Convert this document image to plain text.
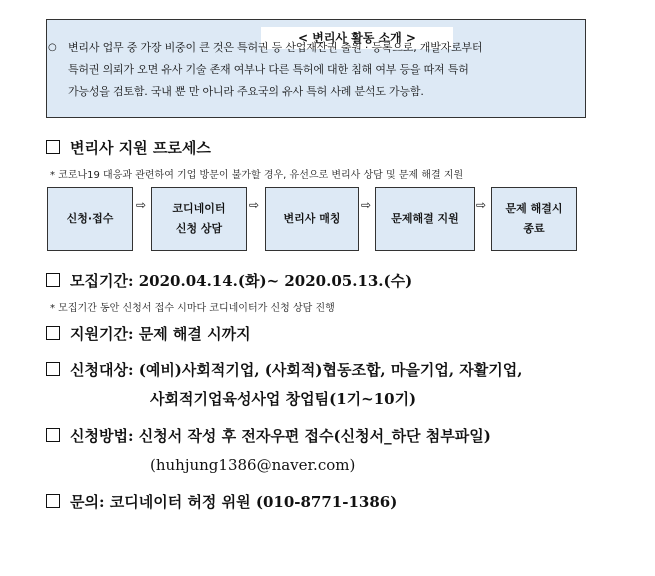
< 변리사 활동 소개 >
○	변리사 업무 중 가장 비중이 큰 것은 특허권 등 산업재산권 출원 · 등록으로, 개발자로부터
특허권 의뢰가 오면 유사 기술 존재 여부나 다른 특허에 대한 침해 여부 등을 따져 특허
가능성을 검토함. 국내 뿐 만 아니라 주요국의 유사 특허 사례 분석도 가능함.
변리사 지원 프로세스
* 코로나19 대응과 관련하여 기업 방문이 불가할 경우, 유선으로 변리사 상담 및 문제 해결 지원
신청·접수
⇨ 코디네이터
신청 상담
⇨
변리사 매칭
⇨
문제해결 지원
⇨ 문제 해결시
종료
모집기간: 2020.04.14.(화)~ 2020.05.13.(수)
* 모집기간 동안 신청서 접수 시마다 코디네이터가 신청 상담 진행
지원기간: 문제 해결 시까지
신청대상: (예비)사회적기업, (사회적)협동조합, 마을기업, 자활기업,
사회적기업육성사업 창업팀(1기~10기)
신청방법: 신청서 작성 후 전자우편 접수(신청서_하단 첨부파일)
(huhjung1386@naver.com)
문의: 코디네이터 허정 위원 (010-8771-1386)
